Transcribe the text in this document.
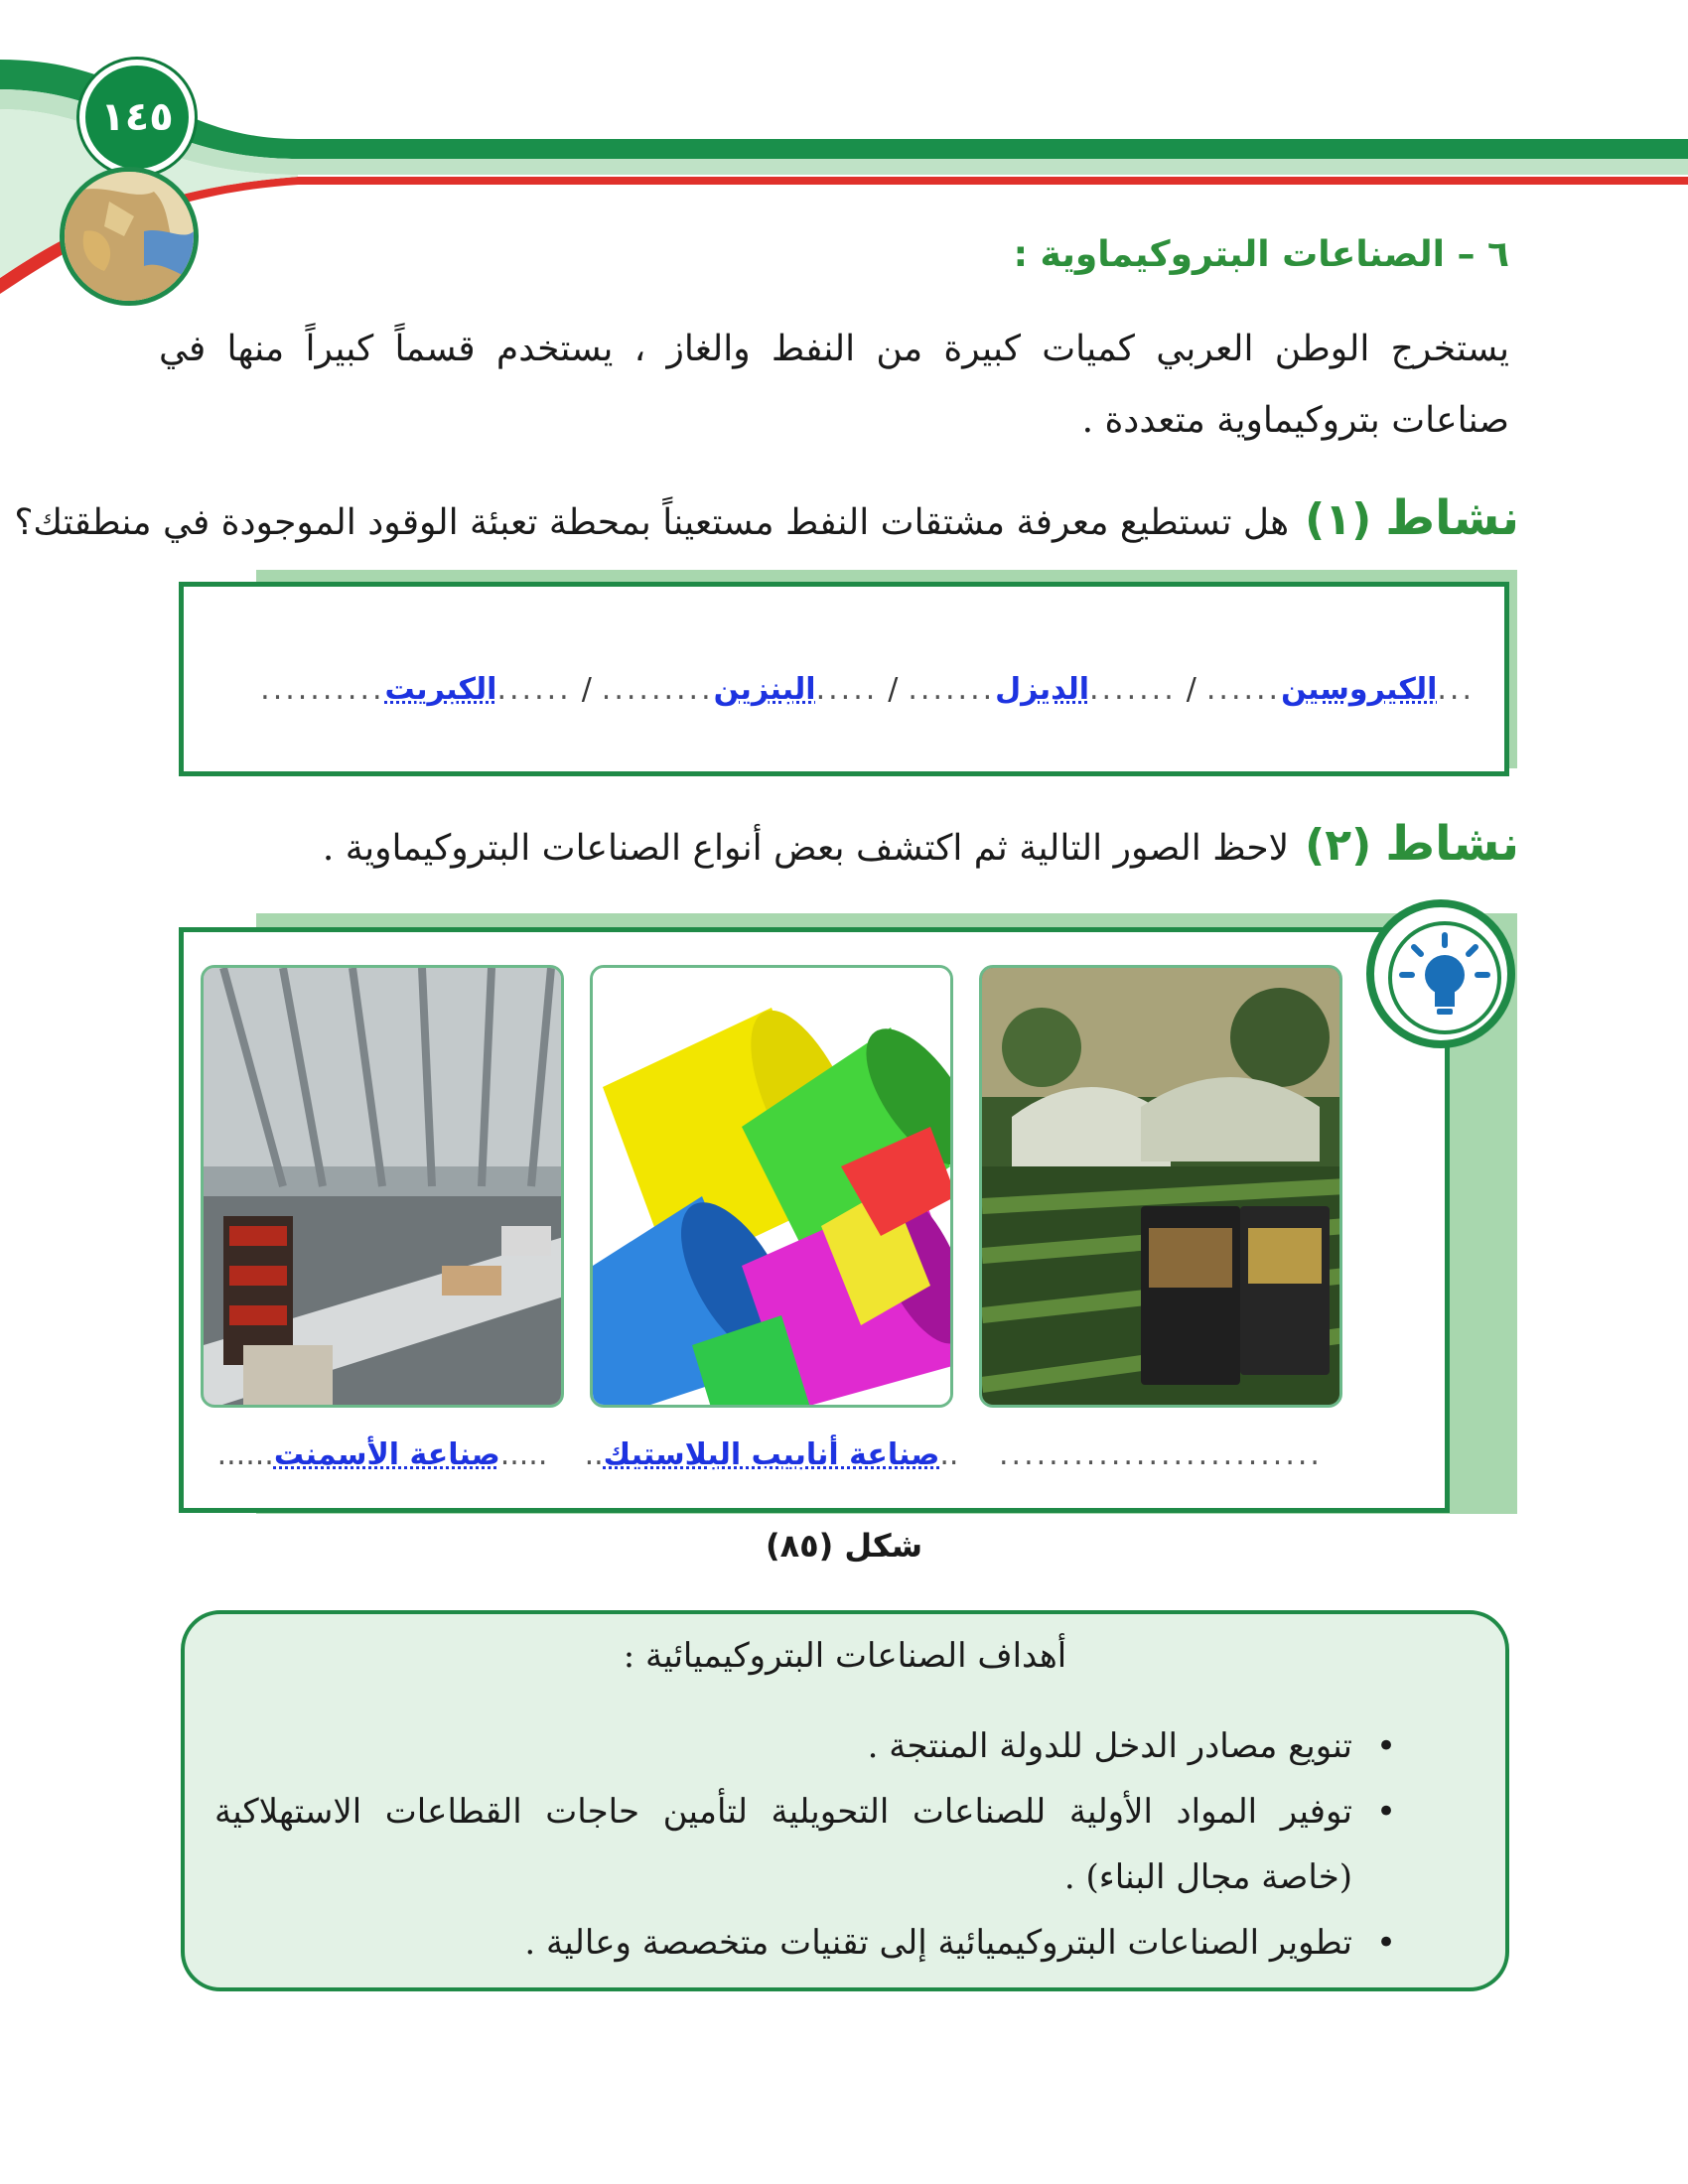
١٤٥
٦ – الصناعات البتروكيماوية :
يستخرج الوطن العربي كميات كبيرة من النفط والغاز ، يستخدم قسماً كبيراً منها في صناعات بتروكيماوية متعددة .
نشاط(١)هل تستطيع معرفة مشتقات النفط مستعيناً بمحطة تعبئة الوقود الموجودة في منطقتك؟
...
الكيروسين
......
/
.......
الديزل
.......
/
.....
البنزين
.........
/
......
الكبريت
..........
نشاط(٢)لاحظ الصور التالية ثم اكتشف بعض أنواع الصناعات البتروكيماوية .
..........................
..صناعة أنابيب البلاستيك..
.....صناعة الأسمنت......
شكل (٨٥)
أهداف الصناعات البتروكيميائية :
• تنويع مصادر الدخل للدولة المنتجة .
• توفير المواد الأولية للصناعات التحويلية لتأمين حاجات القطاعات الاستهلاكية (خاصة مجال البناء) .
• تطوير الصناعات البتروكيميائية إلى تقنيات متخصصة وعالية .
